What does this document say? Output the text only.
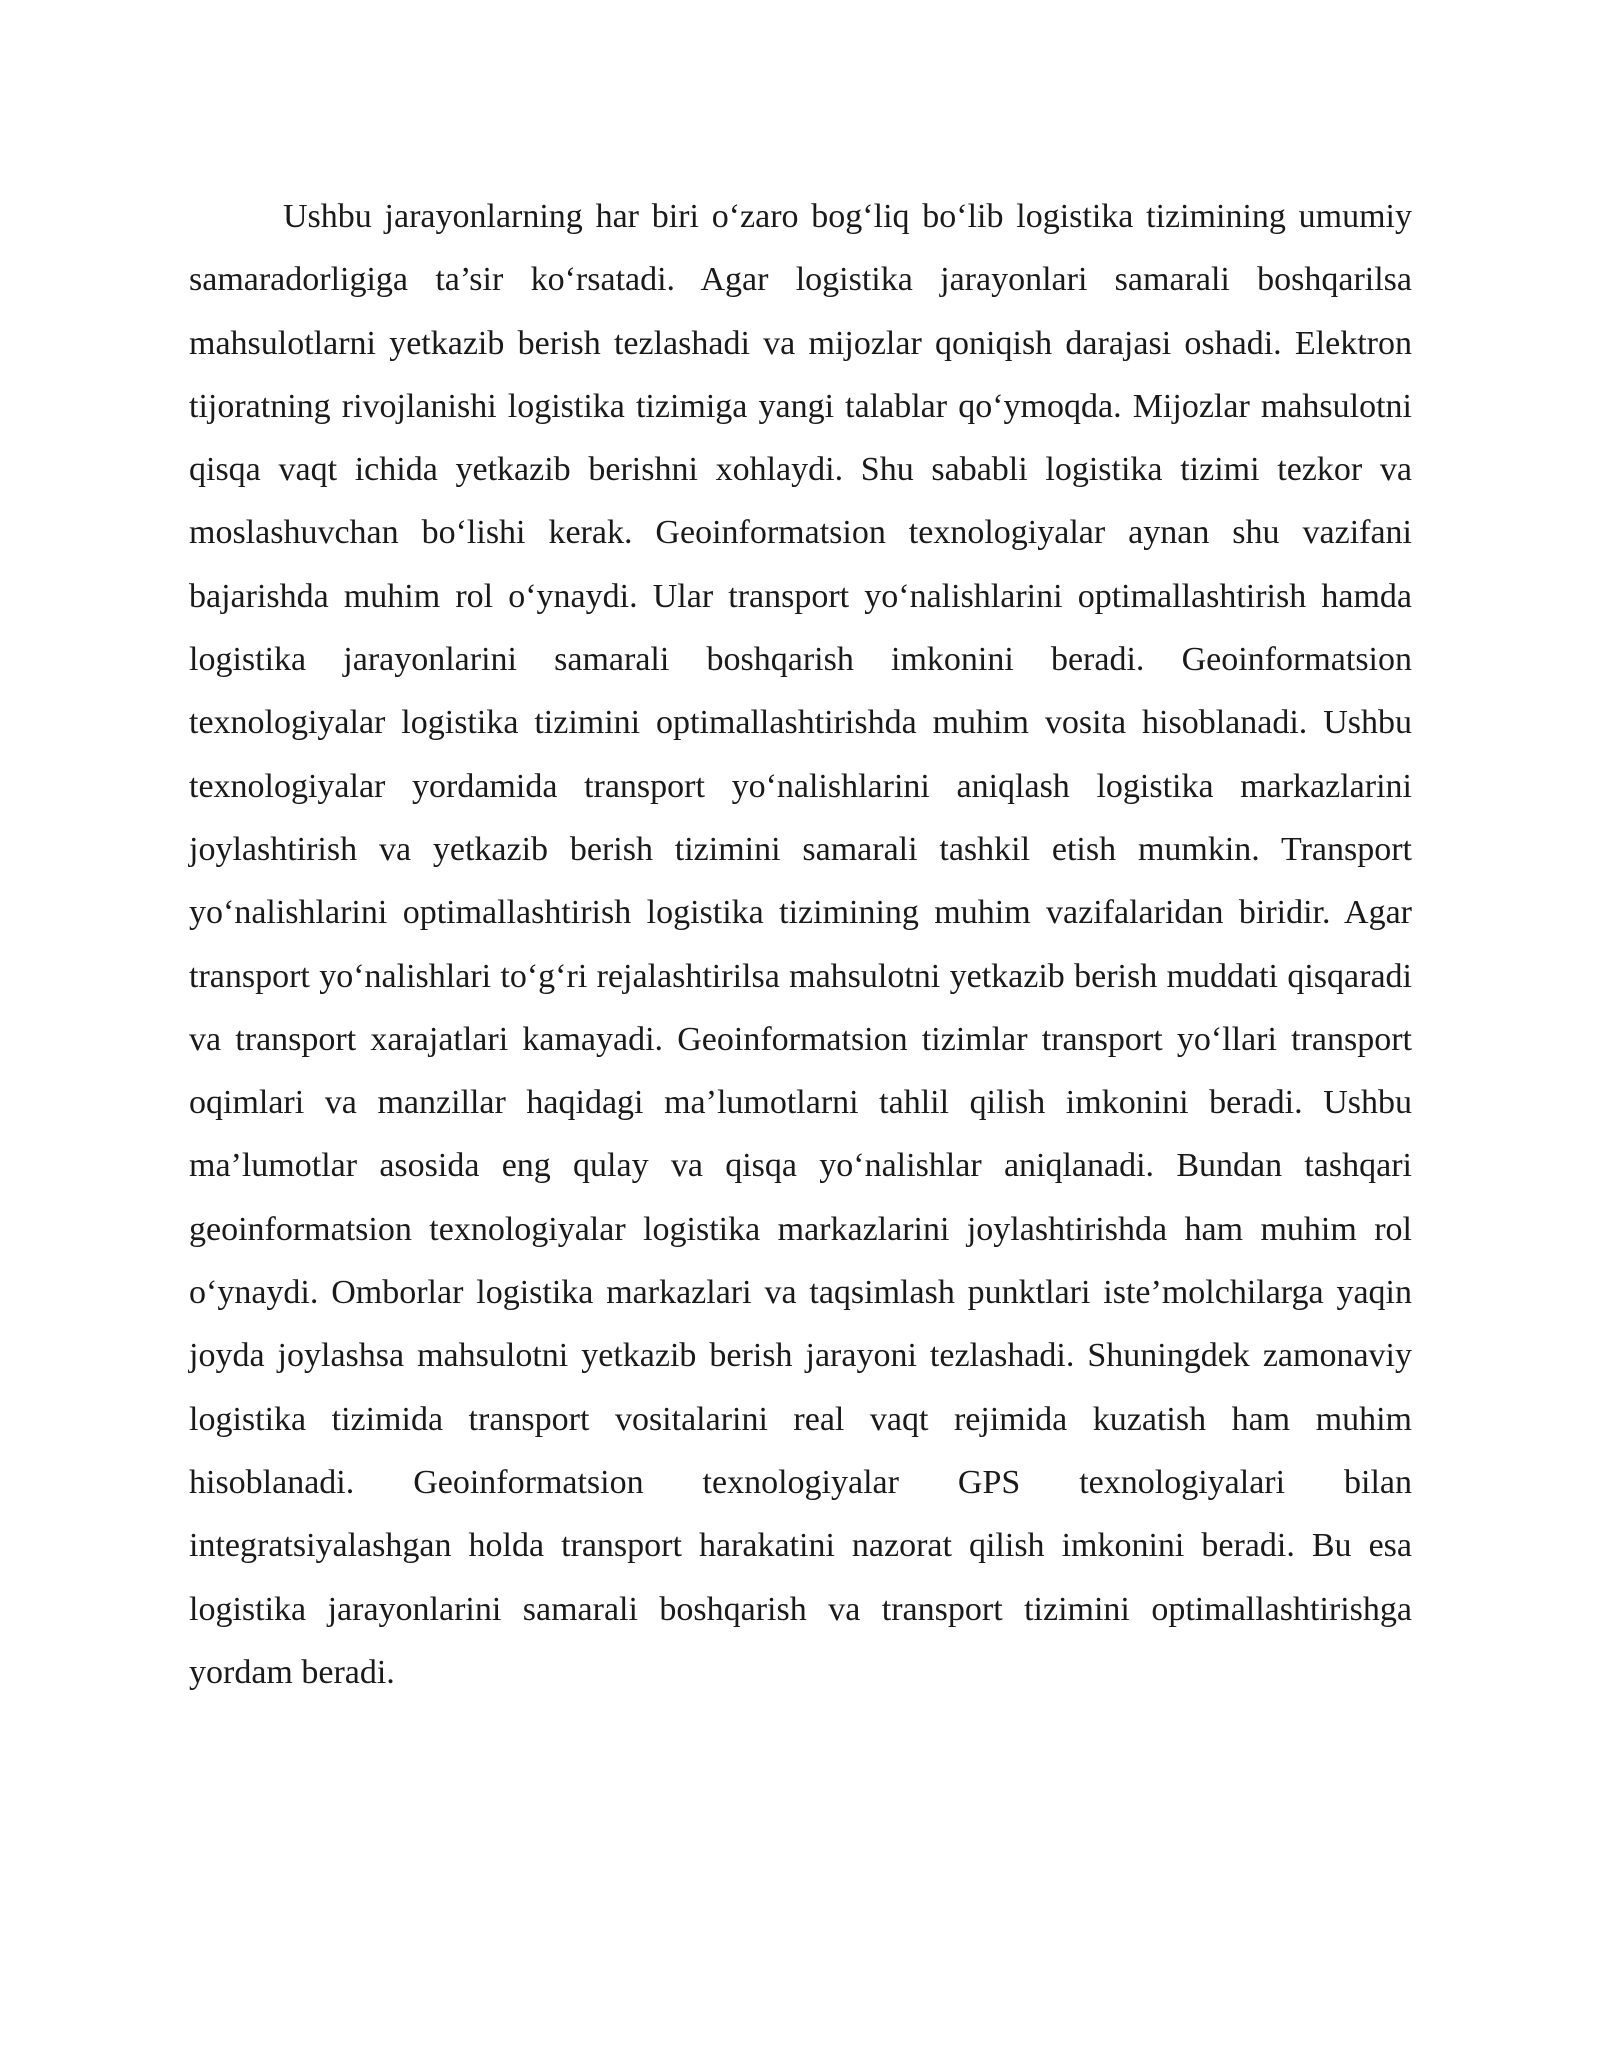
Ushbu jarayonlarning har biri o‘zaro bog‘liq bo‘lib logistika tizimining umumiy samaradorligiga ta’sir ko‘rsatadi. Agar logistika jarayonlari samarali boshqarilsa mahsulotlarni yetkazib berish tezlashadi va mijozlar qoniqish darajasi oshadi. Elektron tijoratning rivojlanishi logistika tizimiga yangi talablar qo‘ymoqda. Mijozlar mahsulotni qisqa vaqt ichida yetkazib berishni xohlaydi. Shu sababli logistika tizimi tezkor va moslashuvchan bo‘lishi kerak. Geoinformatsion texnologiyalar aynan shu vazifani bajarishda muhim rol o‘ynaydi. Ular transport yo‘nalishlarini optimallashtirish hamda logistika jarayonlarini samarali boshqarish imkonini beradi. Geoinformatsion texnologiyalar logistika tizimini optimallashtirishda muhim vosita hisoblanadi. Ushbu texnologiyalar yordamida transport yo‘nalishlarini aniqlash logistika markazlarini joylashtirish va yetkazib berish tizimini samarali tashkil etish mumkin. Transport yo‘nalishlarini optimallashtirish logistika tizimining muhim vazifalaridan biridir. Agar transport yo‘nalishlari to‘g‘ri rejalashtirilsa mahsulotni yetkazib berish muddati qisqaradi va transport xarajatlari kamayadi. Geoinformatsion tizimlar transport yo‘llari transport oqimlari va manzillar haqidagi ma’lumotlarni tahlil qilish imkonini beradi. Ushbu ma’lumotlar asosida eng qulay va qisqa yo‘nalishlar aniqlanadi. Bundan tashqari geoinformatsion texnologiyalar logistika markazlarini joylashtirishda ham muhim rol o‘ynaydi. Omborlar logistika markazlari va taqsimlash punktlari iste’molchilarga yaqin joyda joylashsa mahsulotni yetkazib berish jarayoni tezlashadi. Shuningdek zamonaviy logistika tizimida transport vositalarini real vaqt rejimida kuzatish ham muhim hisoblanadi. Geoinformatsion texnologiyalar GPS texnologiyalari bilan integratsiyalashgan holda transport harakatini nazorat qilish imkonini beradi. Bu esa logistika jarayonlarini samarali boshqarish va transport tizimini optimallashtirishga yordam beradi.
